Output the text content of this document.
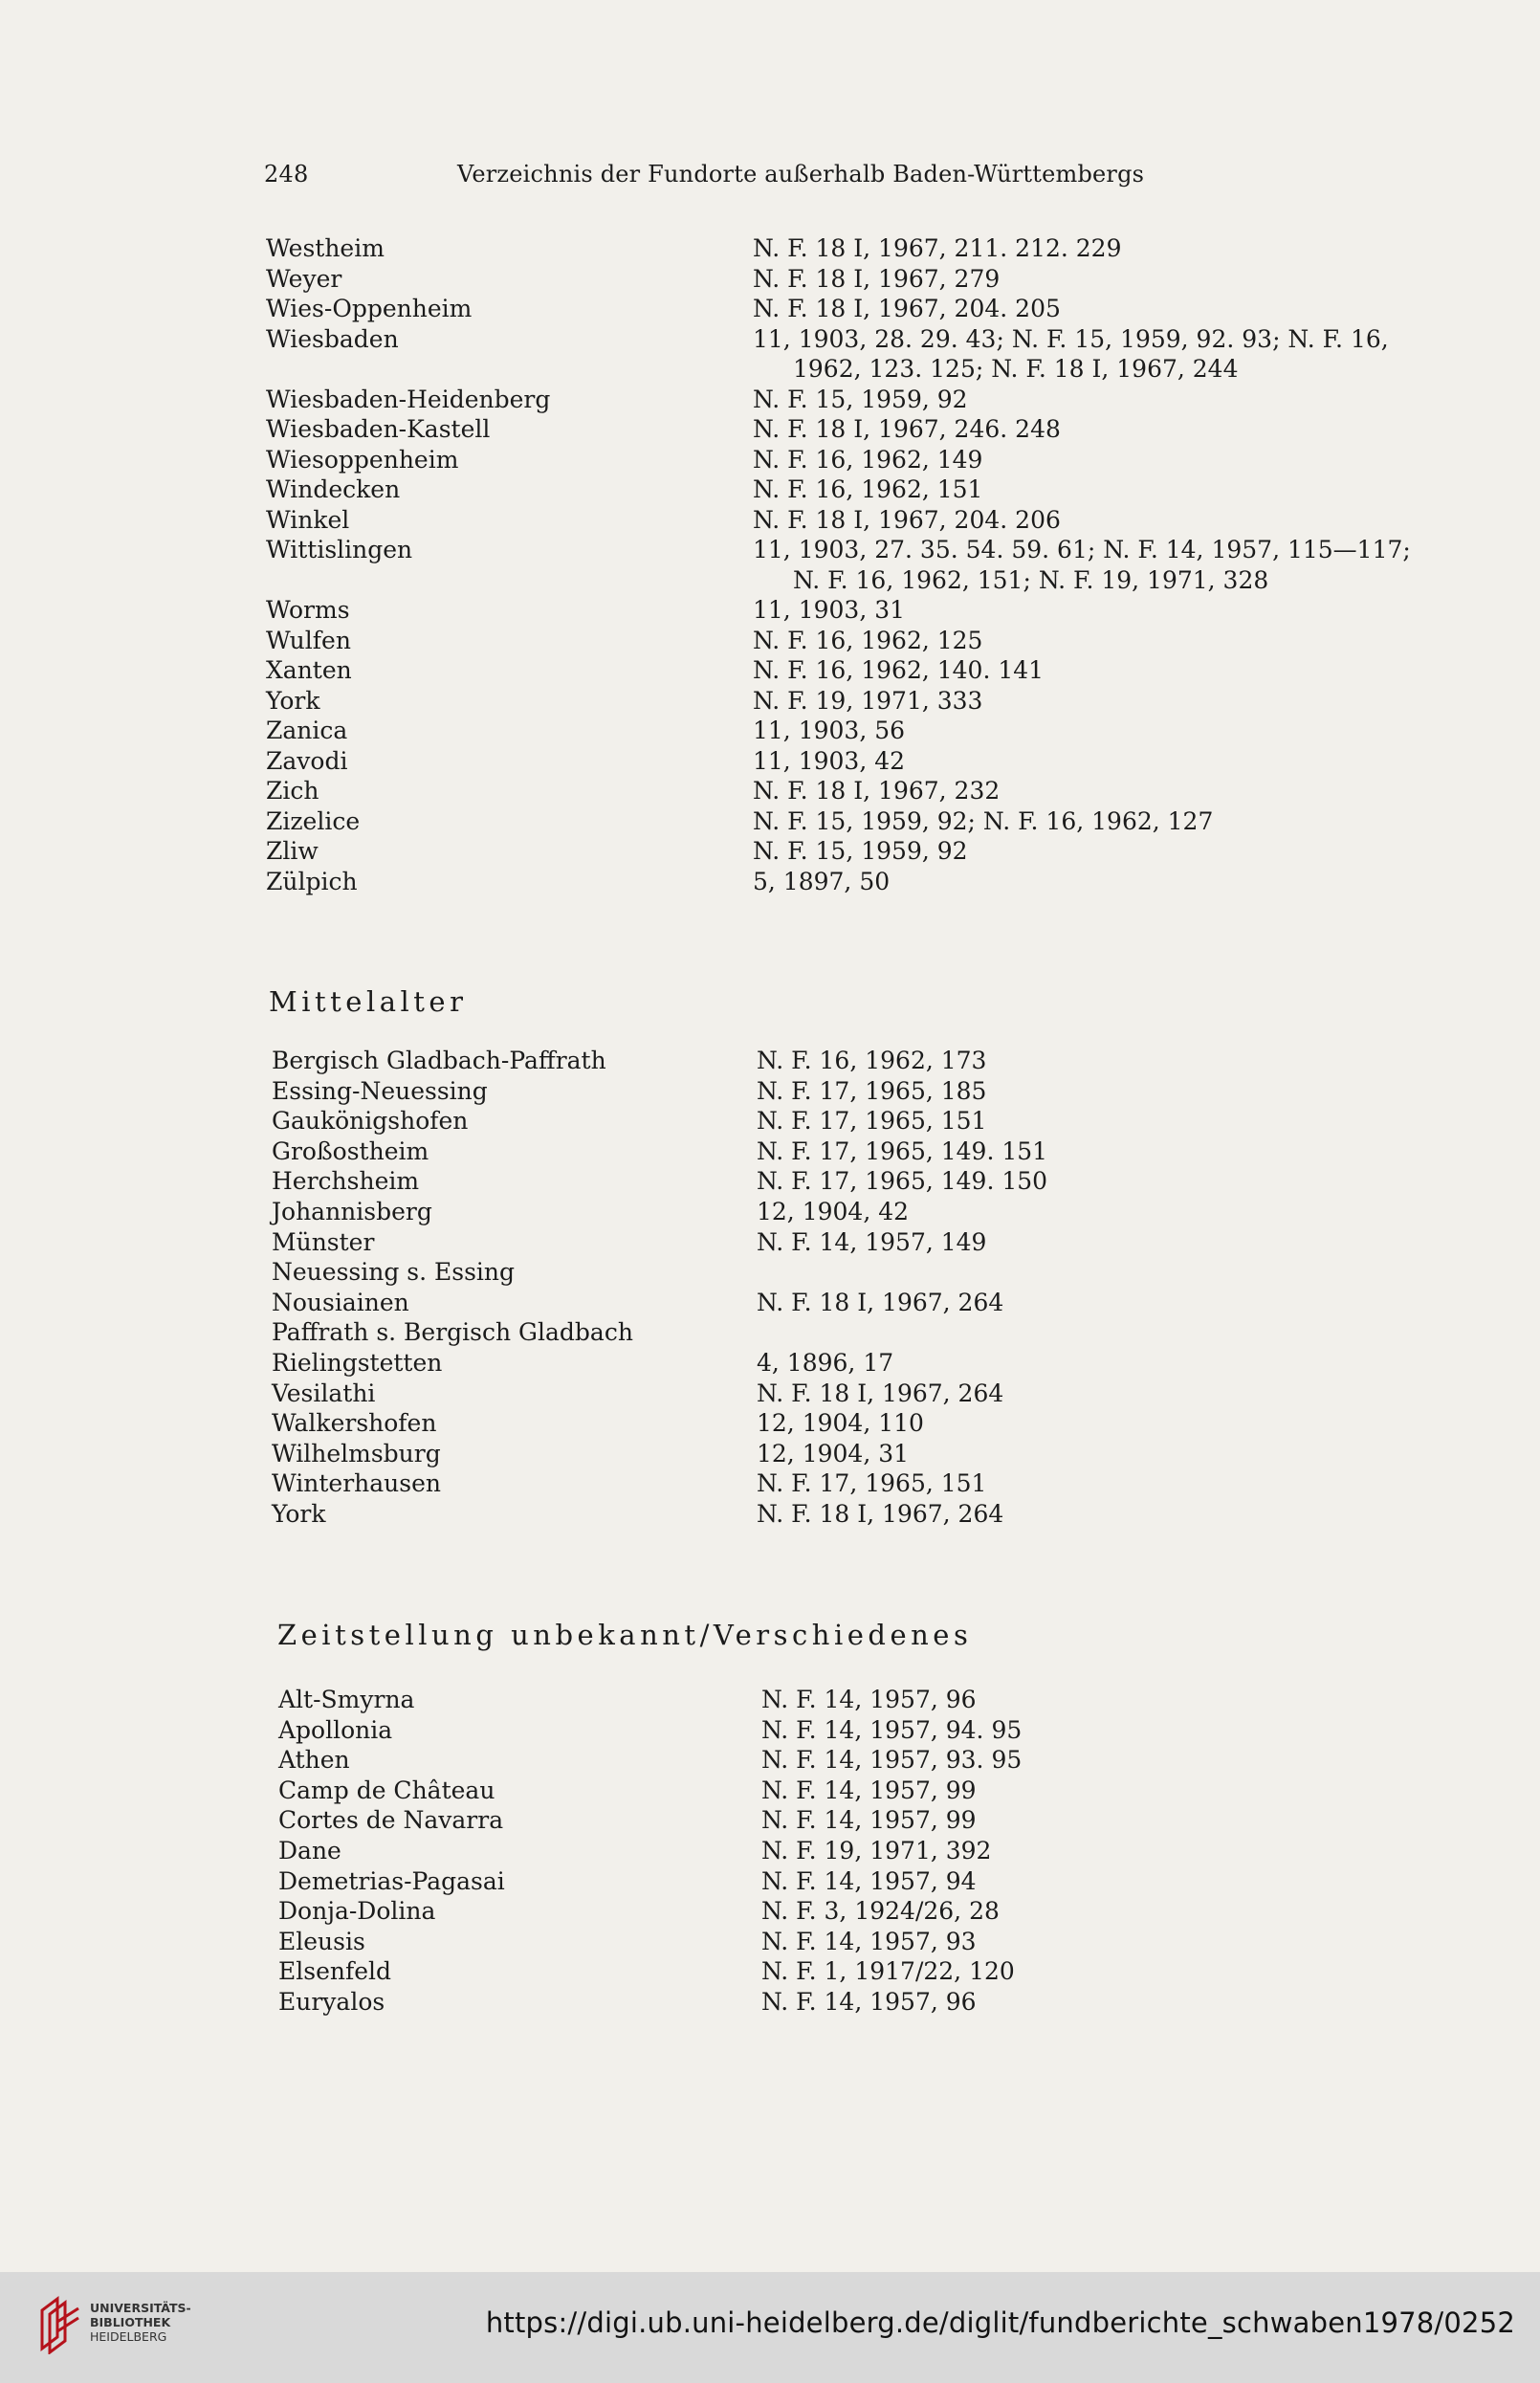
248	Verzeichnis der Fundorte außerhalb Baden-Württembergs
Westheim	N. F. 18 I, 1967, 211. 212. 229
Weyer	N. F. 18 I, 1967, 279
Wies-Oppenheim	N. F. 18 I, 1967, 204. 205
Wiesbaden	11, 1903, 28. 29. 43; N. F. 15, 1959, 92. 93; N. F. 16,
1962, 123. 125; N. F. 18 I, 1967, 244
Wiesbaden-Heidenberg	N. F. 15, 1959, 92
Wiesbaden-Kastell	N. F. 18 I, 1967, 246. 248
Wiesoppenheim	N. F. 16, 1962, 149
Windecken	N. F. 16, 1962, 151
Winkel	N. F. 18 I, 1967, 204. 206
Wittislingen	11, 1903, 27. 35. 54. 59. 61; N. F. 14, 1957, 115—117;
N. F. 16, 1962, 151; N. F. 19, 1971, 328
Worms	11, 1903, 31
Wulfen	N. F. 16, 1962, 125
Xanten	N. F. 16, 1962, 140. 141
York	N. F. 19, 1971, 333
Zanica	11, 1903, 56
Zavodi	11, 1903, 42
Zich	N. F. 18 I, 1967, 232
Zizelice	N. F. 15, 1959, 92; N. F. 16, 1962, 127
Zliw	N. F. 15, 1959, 92
Zülpich	5, 1897, 50
Bergisch Gladbach-Paffrath	N. F. 16, 1962, 173
Essing-Neuessing	N. F. 17, 1965, 185
Gaukönigshofen	N. F. 17, 1965, 151
Großostheim	N. F. 17, 1965, 149. 151
Herchsheim	N. F. 17, 1965, 149. 150
Johannisberg	12, 1904, 42
Münster	N. F. 14, 1957, 149
Neuessing s. Essing
Nousiainen	N. F. 18 I, 1967, 264
Paffrath s. Bergisch Gladbach
Rielingstetten	4, 1896, 17
Vesilathi	N. F. 18 I, 1967, 264
Walkershofen	12, 1904, 110
Wilhelmsburg	12, 1904, 31
Winterhausen	N. F. 17, 1965, 151
York	N. F. 18 I, 1967, 264
Alt-Smyrna	N. F. 14, 1957, 96
Apollonia	N. F. 14, 1957, 94. 95
Athen	N. F. 14, 1957, 93. 95
Camp de Château	N. F. 14, 1957, 99
Cortes de Navarra	N. F. 14, 1957, 99
Dane	N. F. 19, 1971, 392
Demetrias-Pagasai	N. F. 14, 1957, 94
Donja-Dolina	N. F. 3, 1924/26, 28
Eleusis	N. F. 14, 1957, 93
Elsenfeld	N. F. 1, 1917/22, 120
Euryalos	N. F. 14, 1957, 96
Mittelalter
Zeitstellung unbekannt/Verschiedenes
UNIVERSITÄTS-
BIBLIOTHEK
HEIDELBERG	https://digi.ub.uni-heidelberg.de/diglit/fundberichte_schwaben1978/0252
